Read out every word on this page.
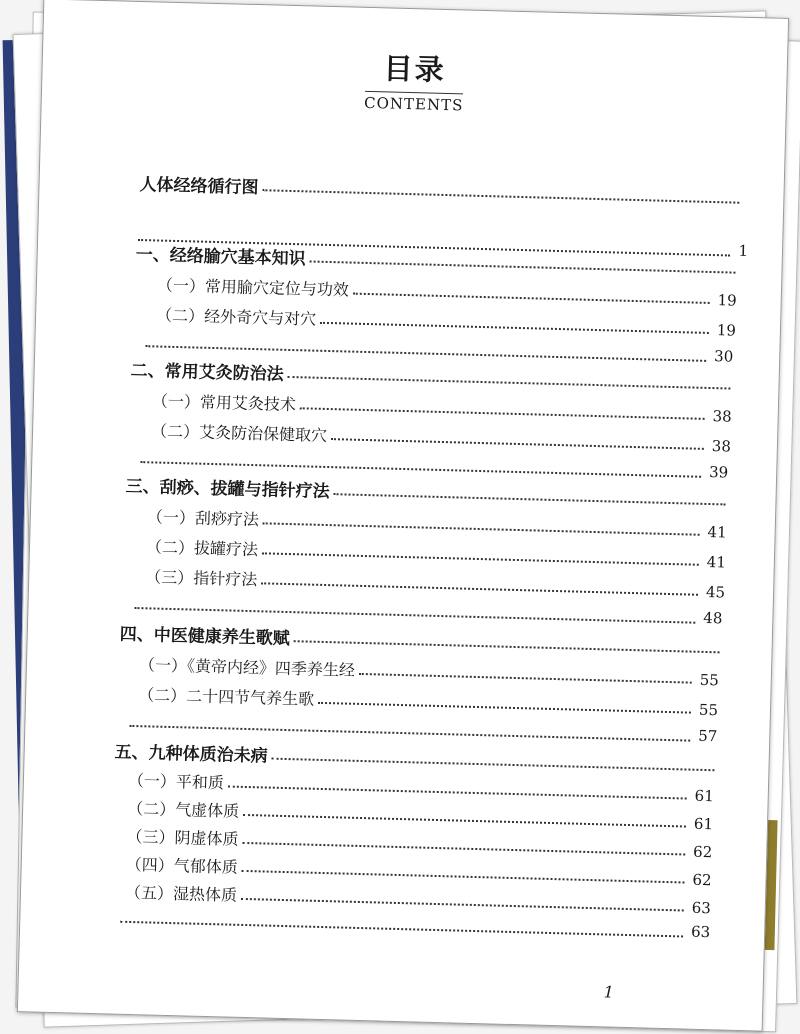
目录
CONTENTS
人体经络循行图
1
一、经络腧穴基本知识
（一）常用腧穴定位与功效
19
（二）经外奇穴与对穴
19
30
二、常用艾灸防治法
（一）常用艾灸技术
38
（二）艾灸防治保健取穴
38
39
三、刮痧、拔罐与指针疗法
（一）刮痧疗法
41
（二）拔罐疗法
41
（三）指针疗法
45
48
四、中医健康养生歌赋
（一）《黄帝内经》四季养生经
55
（二）二十四节气养生歌
55
57
五、九种体质治未病
（一）平和质
61
（二）气虚体质
61
（三）阴虚体质
62
（四）气郁体质
62
（五）湿热体质
63
63
1
